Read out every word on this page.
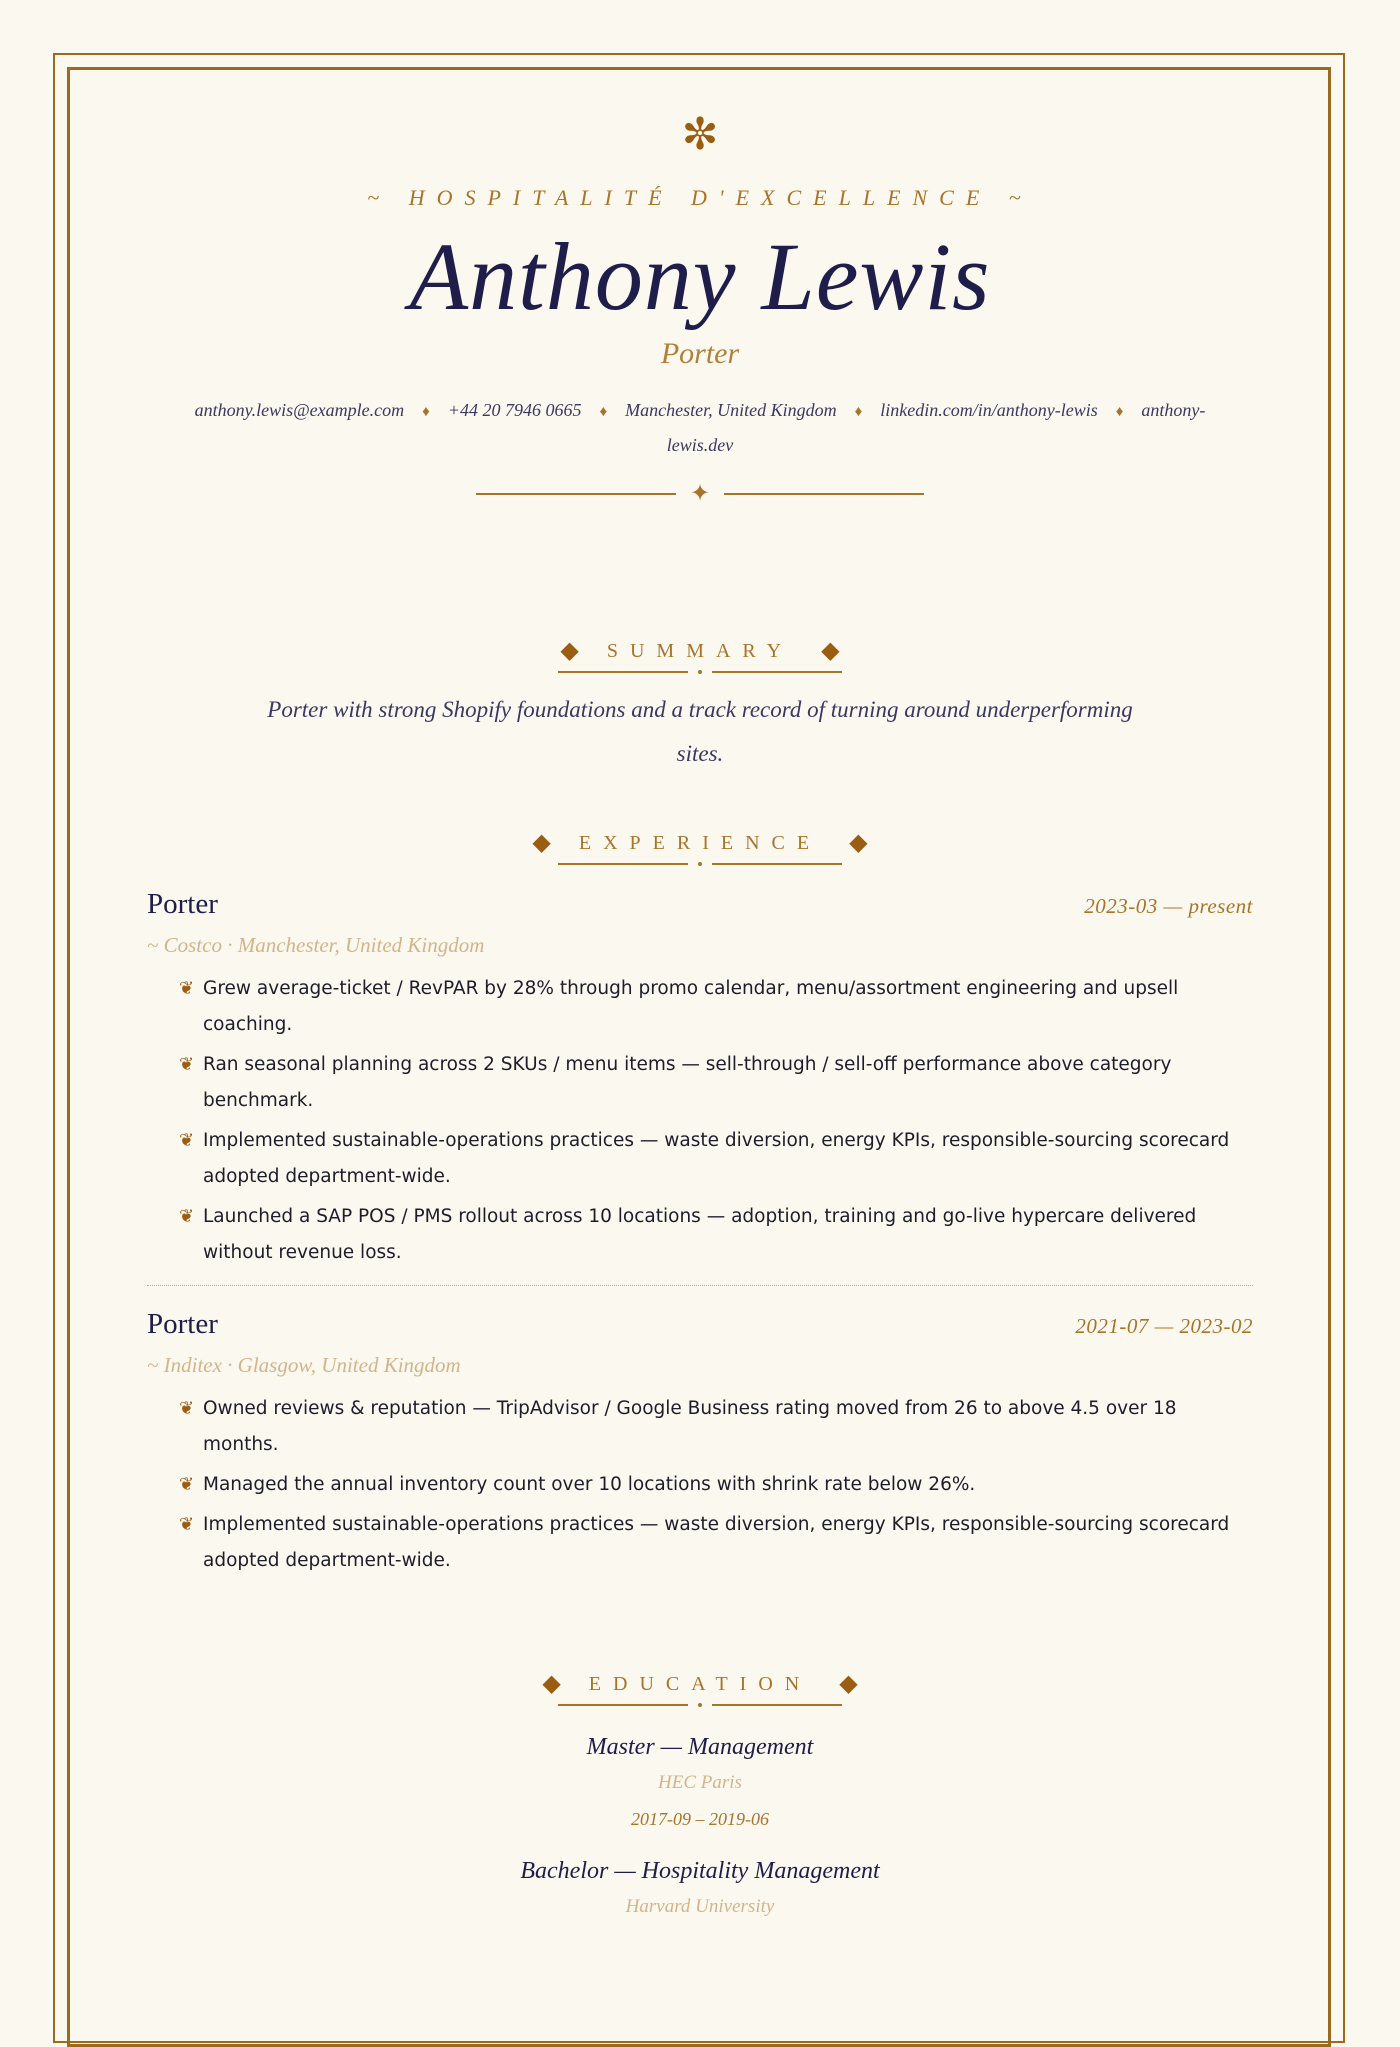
✼
~ HOSPITALITÉ D'EXCELLENCE ~
Anthony Lewis
Porter
anthony.lewis@example.com ♦ +44 20 7946 0665 ♦ Manchester, United Kingdom ♦ linkedin.com/in/anthony-lewis ♦ anthony-lewis.dev
✦
◆ SUMMARY ◆
Porter with strong Shopify foundations and a track record of turning around underperforming sites.
◆ EXPERIENCE ◆
Porter	2023-03 — present
~ Costco · Manchester, United Kingdom
❦ Grew average-ticket / RevPAR by 28% through promo calendar, menu/assortment engineering and upsell coaching.
❦ Ran seasonal planning across 2 SKUs / menu items — sell-through / sell-off performance above category benchmark.
❦ Implemented sustainable-operations practices — waste diversion, energy KPIs, responsible-sourcing scorecard adopted department-wide.
❦ Launched a SAP POS / PMS rollout across 10 locations — adoption, training and go-live hypercare delivered without revenue loss.
Porter	2021-07 — 2023-02
~ Inditex · Glasgow, United Kingdom
❦ Owned reviews & reputation — TripAdvisor / Google Business rating moved from 26 to above 4.5 over 18 months.
❦ Managed the annual inventory count over 10 locations with shrink rate below 26%.
❦ Implemented sustainable-operations practices — waste diversion, energy KPIs, responsible-sourcing scorecard adopted department-wide.
◆ EDUCATION ◆
Master — Management
HEC Paris
2017-09 – 2019-06
Bachelor — Hospitality Management
Harvard University
